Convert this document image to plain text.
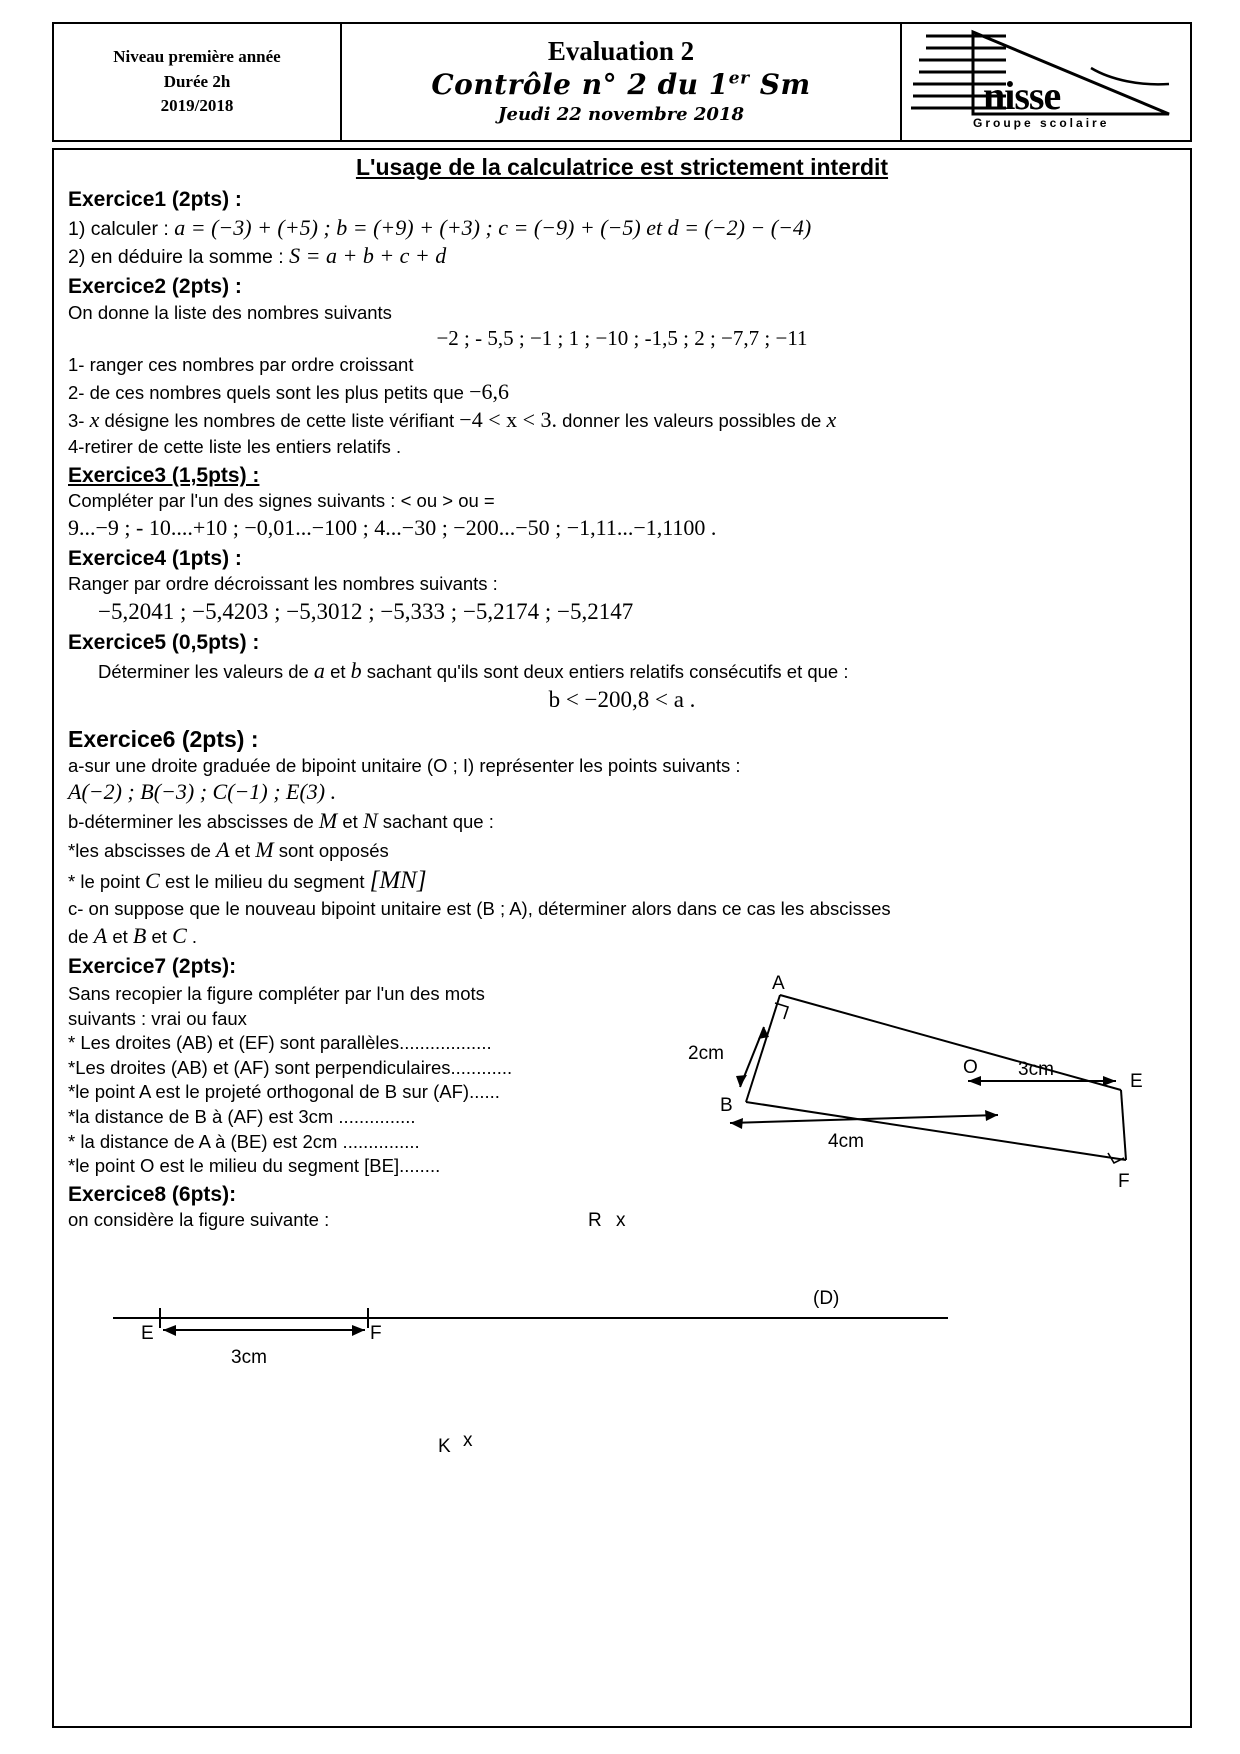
Niveau première année
Durée 2h
2019/2018
Evaluation 2
Contrôle n° 2 du 1er Sm
Jeudi 22 novembre 2018	nisse
Groupe scolaire
L'usage de la calculatrice est strictement interdit
Exercice1 (2pts) :
1) calculer : a = (−3) + (+5) ; b = (+9) + (+3) ; c = (−9) + (−5) et d = (−2) − (−4)
2) en déduire la somme : S = a + b + c + d
Exercice2 (2pts) :
On donne la liste des nombres suivants
−2 ; - 5,5 ; −1 ; 1 ; −10 ; -1,5 ; 2 ; −7,7 ; −11
1- ranger ces nombres par ordre croissant
2- de ces nombres quels sont les plus petits que −6,6
3- x désigne les nombres de cette liste vérifiant −4 < x < 3. donner les valeurs possibles de x
4-retirer de cette liste les entiers relatifs .
Exercice3 (1,5pts) :
Compléter par l'un des signes suivants : < ou > ou =
9...−9 ; - 10....+10 ; −0,01...−100 ; 4...−30 ; −200...−50 ; −1,11...−1,1100 .
Exercice4 (1pts) :
Ranger par ordre décroissant les nombres suivants :
−5,2041 ; −5,4203 ; −5,3012 ; −5,333 ; −5,2174 ; −5,2147
Exercice5 (0,5pts) :
Déterminer les valeurs de a et b sachant qu'ils sont deux entiers relatifs consécutifs et que :
b < −200,8 < a .
Exercice6 (2pts) :
a-sur une droite graduée de bipoint unitaire (O ; I) représenter les points suivants :
A(−2) ; B(−3) ; C(−1) ; E(3) .
b-déterminer les abscisses de M et N sachant que :
*les abscisses de A et M sont opposés
* le point C est le milieu du segment [MN]
c- on suppose que le nouveau bipoint unitaire est (B ; A), déterminer alors dans ce cas les abscisses
de A et B et C .
Exercice7 (2pts):
Sans recopier la figure compléter par l'un des mots
suivants : vrai ou faux
* Les droites (AB) et (EF) sont parallèles..................
*Les droites (AB) et (AF) sont perpendiculaires............
*le point A est le projeté orthogonal de B sur (AF)......
*la distance de B à (AF) est 3cm ...............
* la distance de A à (BE) est 2cm ...............
*le point O est le milieu du segment [BE]........
A
B
O
E
F
2cm
3cm
4cm
Exercice8 (6pts):
on considère la figure suivante :	R x
(D)
E	F
3cm
K x
